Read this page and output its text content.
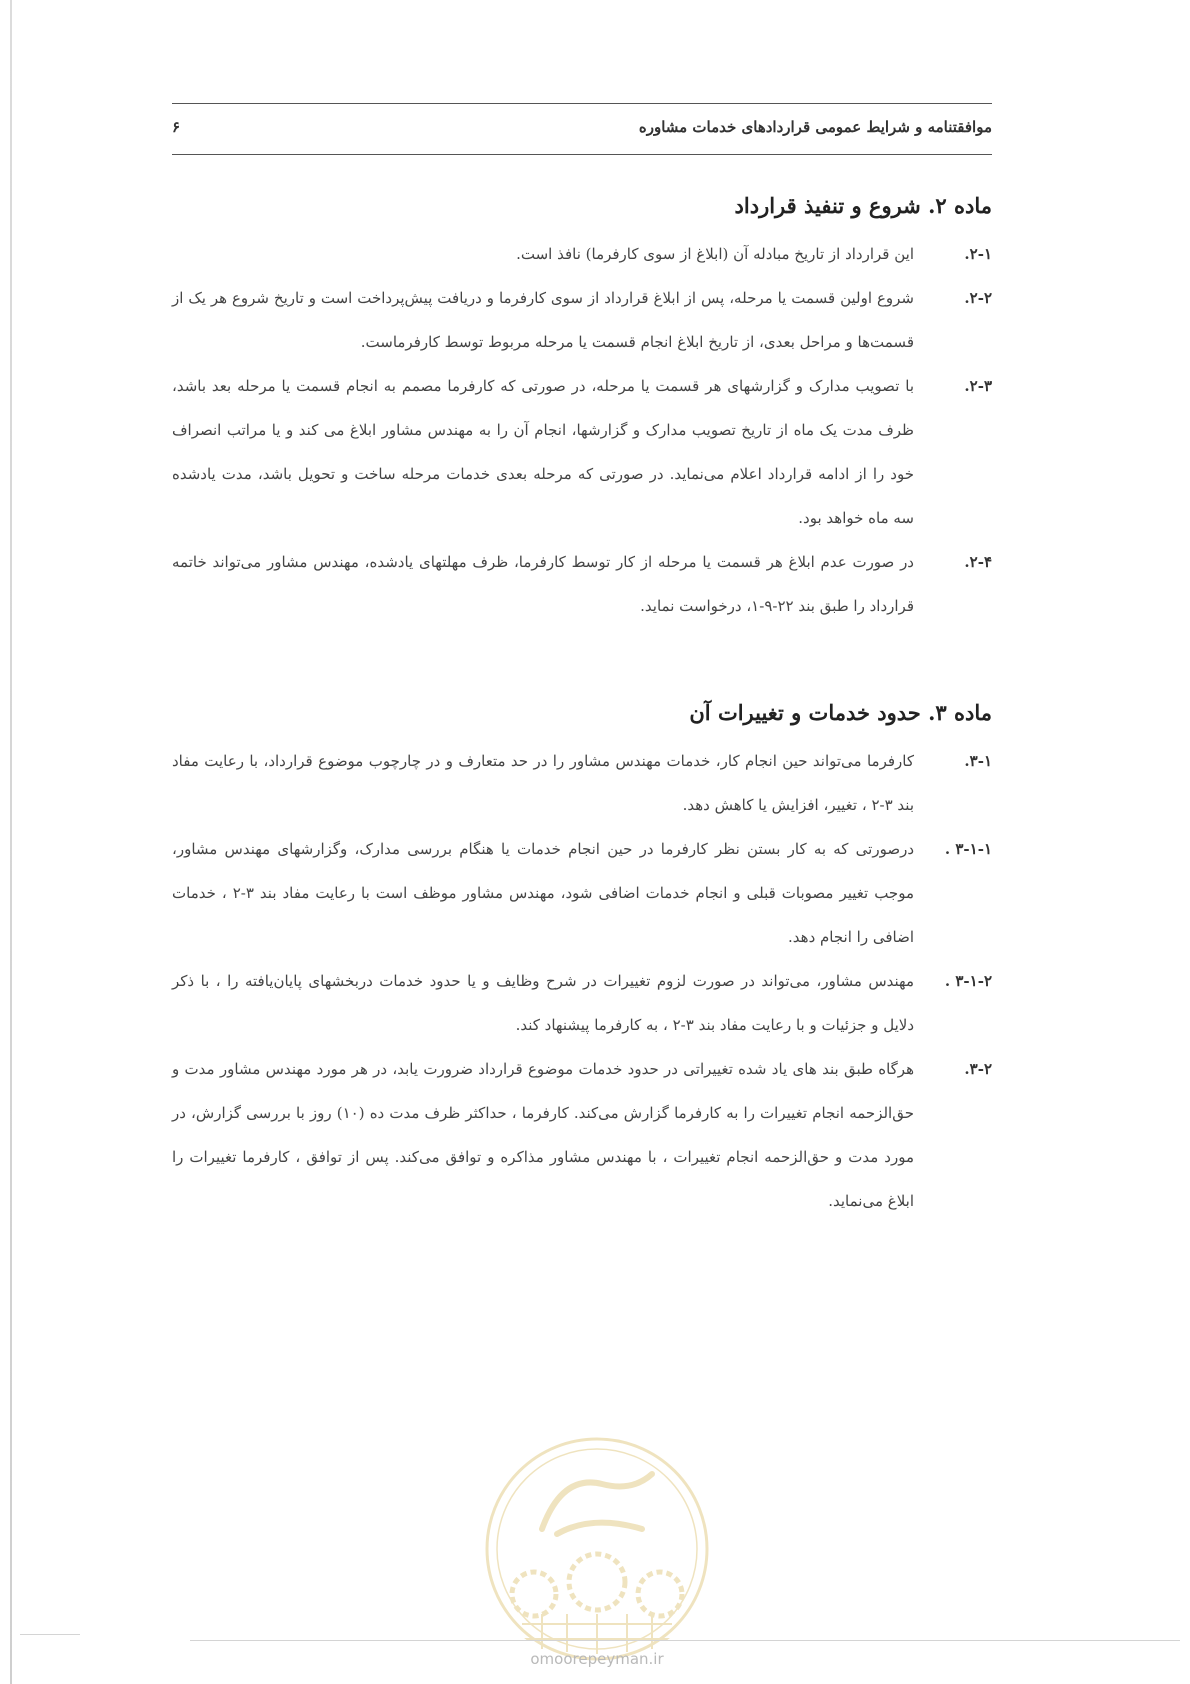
موافقتنامه و شرایط عمومی قراردادهای خدمات مشاوره
۶
ماده ۲. شروع و تنفیذ قرارداد

۲-۱.
این قرارداد از تاریخ مبادله آن (ابلاغ از سوی کارفرما) نافذ است.

۲-۲.
شروع اولین قسمت یا مرحله، پس از ابلاغ قرارداد از سوی کارفرما و دریافت پیش‌پرداخت است و تاریخ شروع هر یک از قسمت‌ها و مراحل بعدی، از تاریخ ابلاغ انجام قسمت یا مرحله مربوط توسط کارفرماست.

۲-۳.
با تصویب مدارک و گزارشهای هر قسمت یا مرحله، در صورتی که کارفرما مصمم به انجام قسمت یا مرحله بعد باشد، ظرف مدت یک ماه از تاریخ تصویب مدارک و گزارشها، انجام آن را به مهندس مشاور ابلاغ می کند و یا مراتب انصراف خود را از ادامه قرارداد اعلام می‌نماید. در صورتی که مرحله بعدی خدمات مرحله ساخت و تحویل باشد، مدت یادشده سه ماه خواهد بود.

۲-۴.
در صورت عدم ابلاغ هر قسمت یا مرحله از کار توسط کارفرما، ظرف مهلتهای یادشده، مهندس مشاور می‌تواند خاتمه قرارداد را طبق بند ۲۲-۹-۱، درخواست نماید.

ماده ۳. حدود خدمات و تغییرات آن

۳-۱.
کارفرما می‌تواند حین انجام کار، خدمات مهندس مشاور را در حد متعارف و در چارچوب موضوع قرارداد، با رعایت مفاد بند ۳-۲ ، تغییر، افزایش یا کاهش دهد.

۳-۱-۱ .
درصورتی که به کار بستن نظر کارفرما در حین انجام خدمات یا هنگام بررسی مدارک، وگزارشهای مهندس مشاور، موجب تغییر مصوبات قبلی و انجام خدمات اضافی شود، مهندس مشاور موظف است با رعایت مفاد بند ۳-۲ ، خدمات اضافی را انجام دهد.

۳-۱-۲ .
مهندس مشاور، می‌تواند در صورت لزوم تغییرات در شرح وظایف و یا حدود خدمات دربخشهای پایان‌یافته را ، با ذکر دلایل و جزئیات و با رعایت مفاد بند ۳-۲ ، به کارفرما پیشنهاد کند.

۳-۲.
هرگاه طبق بند های یاد شده تغییراتی در حدود خدمات موضوع قرارداد ضرورت یابد، در هر مورد مهندس مشاور مدت و حق‌الزحمه انجام تغییرات را به کارفرما گزارش می‌کند. کارفرما ، حداکثر ظرف مدت ده (۱۰) روز با بررسی گزارش، در مورد مدت و حق‌الزحمه انجام تغییرات ، با مهندس مشاور مذاکره و توافق می‌کند. پس از توافق ، کارفرما تغییرات را ابلاغ می‌نماید.

omoorepeyman.ir
